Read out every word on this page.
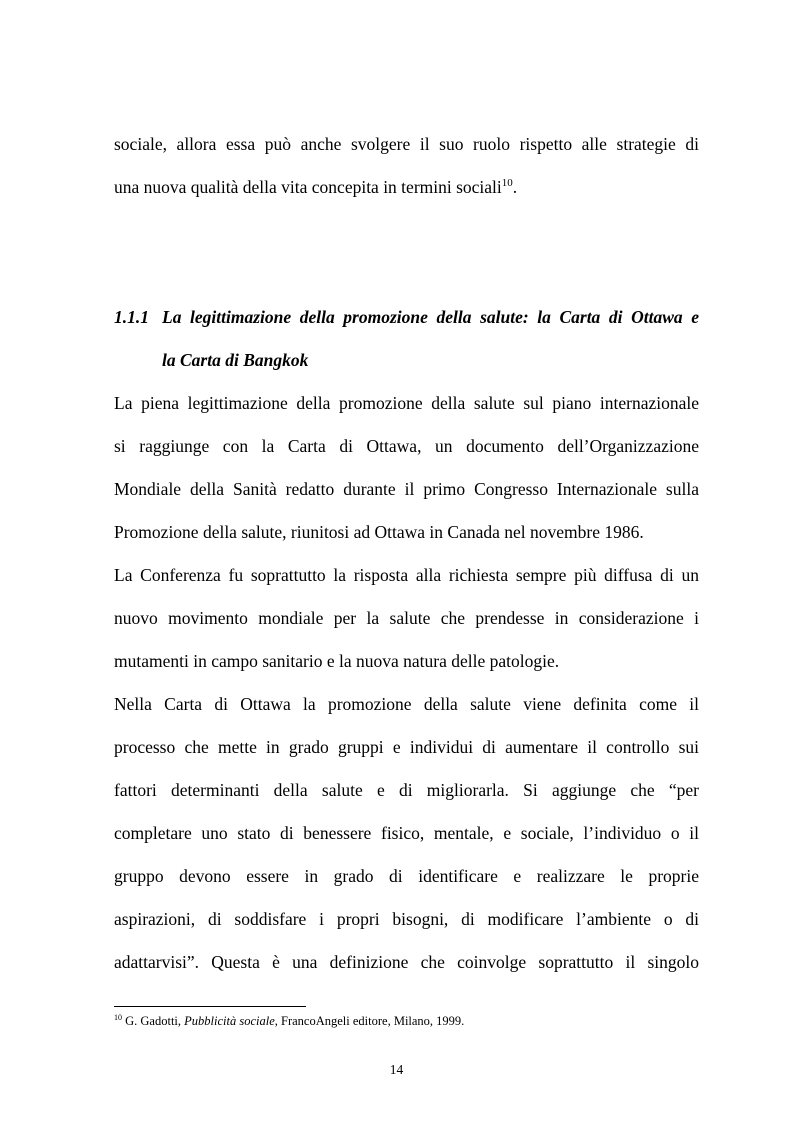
sociale, allora essa può anche svolgere il suo ruolo rispetto alle strategie di
una nuova qualità della vita concepita in termini sociali$^{10}$.
1.1.1 La legittimazione della promozione della salute: la Carta di Ottawa e
la Carta di Bangkok
La piena legittimazione della promozione della salute sul piano internazionale
si raggiunge con la Carta di Ottawa, un documento dell’Organizzazione
Mondiale della Sanità redatto durante il primo Congresso Internazionale sulla
Promozione della salute, riunitosi ad Ottawa in Canada nel novembre 1986.
La Conferenza fu soprattutto la risposta alla richiesta sempre più diffusa di un
nuovo movimento mondiale per la salute che prendesse in considerazione i
mutamenti in campo sanitario e la nuova natura delle patologie.
Nella Carta di Ottawa la promozione della salute viene definita come il
processo che mette in grado gruppi e individui di aumentare il controllo sui
fattori determinanti della salute e di migliorarla. Si aggiunge che “per
completare uno stato di benessere fisico, mentale, e sociale, l’individuo o il
gruppo devono essere in grado di identificare e realizzare le proprie
aspirazioni, di soddisfare i propri bisogni, di modificare l’ambiente o di
adattarvisi”. Questa è una definizione che coinvolge soprattutto il singolo
$^{10}$ G. Gadotti, Pubblicità sociale, FrancoAngeli editore, Milano, 1999.
14
